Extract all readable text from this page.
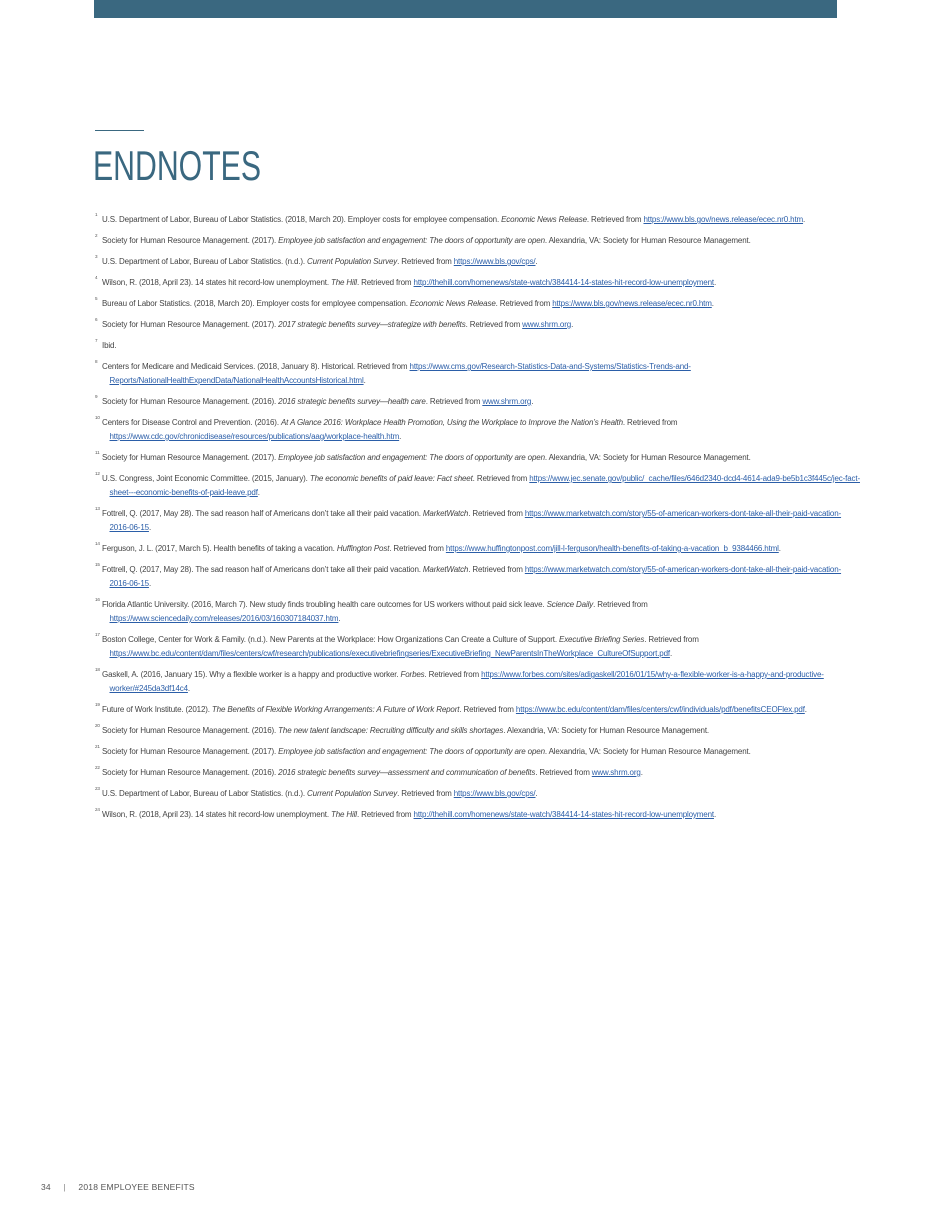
ENDNOTES
1
U.S. Department of Labor, Bureau of Labor Statistics. (2018, March 20). Employer costs for employee compensation. Economic News Release. Retrieved from https://www.bls.gov/news.release/ecec.nr0.htm.
2
Society for Human Resource Management. (2017). Employee job satisfaction and engagement: The doors of opportunity are open. Alexandria, VA: Society for Human Resource Management.
3
U.S. Department of Labor, Bureau of Labor Statistics. (n.d.). Current Population Survey. Retrieved from https://www.bls.gov/cps/.
4
Wilson, R. (2018, April 23). 14 states hit record-low unemployment. The Hill. Retrieved from http://thehill.com/homenews/state-watch/384414-14-states-hit-record-low-unemployment.
5
Bureau of Labor Statistics. (2018, March 20). Employer costs for employee compensation. Economic News Release. Retrieved from https://www.bls.gov/news.release/ecec.nr0.htm.
6
Society for Human Resource Management. (2017). 2017 strategic benefits survey—strategize with benefits. Retrieved from www.shrm.org.
7
Ibid.
8
Centers for Medicare and Medicaid Services. (2018, January 8). Historical. Retrieved from https://www.cms.gov/Research-Statistics-Data-and-Systems/Statistics-Trends-and-Reports/NationalHealthExpendData/NationalHealthAccountsHistorical.html.
9
Society for Human Resource Management. (2016). 2016 strategic benefits survey—health care. Retrieved from www.shrm.org.
10
Centers for Disease Control and Prevention. (2016). At A Glance 2016: Workplace Health Promotion, Using the Workplace to Improve the Nation’s Health. Retrieved from https://www.cdc.gov/chronicdisease/resources/publications/aag/workplace-health.htm.
11
Society for Human Resource Management. (2017). Employee job satisfaction and engagement: The doors of opportunity are open. Alexandria, VA: Society for Human Resource Management.
12
U.S. Congress, Joint Economic Committee. (2015, January). The economic benefits of paid leave: Fact sheet. Retrieved from https://www.jec.senate.gov/public/_cache/files/646d2340-dcd4-4614-ada9-be5b1c3f445c/jec-fact-sheet---economic-benefits-of-paid-leave.pdf.
13
Fottrell, Q. (2017, May 28). The sad reason half of Americans don’t take all their paid vacation. MarketWatch. Retrieved from https://www.marketwatch.com/story/55-of-american-workers-dont-take-all-their-paid-vacation-2016-06-15.
14
Ferguson, J. L. (2017, March 5). Health benefits of taking a vacation. Huffington Post. Retrieved from https://www.huffingtonpost.com/jill-l-ferguson/health-benefits-of-taking-a-vacation_b_9384466.html.
15
Fottrell, Q. (2017, May 28). The sad reason half of Americans don’t take all their paid vacation. MarketWatch. Retrieved from https://www.marketwatch.com/story/55-of-american-workers-dont-take-all-their-paid-vacation-2016-06-15.
16
Florida Atlantic University. (2016, March 7). New study finds troubling health care outcomes for US workers without paid sick leave. Science Daily. Retrieved from https://www.sciencedaily.com/releases/2016/03/160307184037.htm.
17
Boston College, Center for Work & Family. (n.d.). New Parents at the Workplace: How Organizations Can Create a Culture of Support. Executive Briefing Series. Retrieved from https://www.bc.edu/content/dam/files/centers/cwf/research/publications/executivebriefingseries/ExecutiveBriefing_NewParentsInTheWorkplace_CultureOfSupport.pdf.
18
Gaskell, A. (2016, January 15). Why a flexible worker is a happy and productive worker. Forbes. Retrieved from https://www.forbes.com/sites/adigaskell/2016/01/15/why-a-flexible-worker-is-a-happy-and-productive-worker/#245da3df14c4.
19
Future of Work Institute. (2012). The Benefits of Flexible Working Arrangements: A Future of Work Report. Retrieved from https://www.bc.edu/content/dam/files/centers/cwf/individuals/pdf/benefitsCEOFlex.pdf.
20
Society for Human Resource Management. (2016). The new talent landscape: Recruiting difficulty and skills shortages. Alexandria, VA: Society for Human Resource Management.
21
Society for Human Resource Management. (2017). Employee job satisfaction and engagement: The doors of opportunity are open. Alexandria, VA: Society for Human Resource Management.
22
Society for Human Resource Management. (2016). 2016 strategic benefits survey—assessment and communication of benefits. Retrieved from www.shrm.org.
23
U.S. Department of Labor, Bureau of Labor Statistics. (n.d.). Current Population Survey. Retrieved from https://www.bls.gov/cps/.
24
Wilson, R. (2018, April 23). 14 states hit record-low unemployment. The Hill. Retrieved from http://thehill.com/homenews/state-watch/384414-14-states-hit-record-low-unemployment.
34 | 2018 EMPLOYEE BENEFITS
